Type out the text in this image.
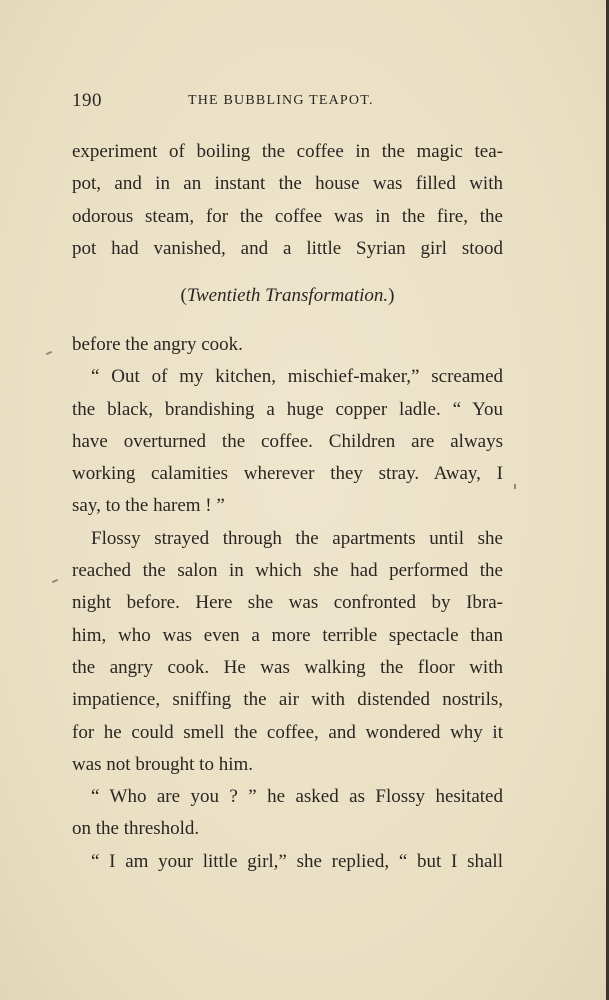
190	THE BUBBLING TEAPOT.
experiment of boiling the coffee in the magic tea-
pot, and in an instant the house was filled with
odorous steam, for the coffee was in the fire, the
pot had vanished, and a little Syrian girl stood
(Twentieth Transformation.)
before the angry cook.
“ Out of my kitchen, mischief-maker,” screamed
the black, brandishing a huge copper ladle. “ You
have overturned the coffee. Children are always
working calamities wherever they stray. Away, I
say, to the harem ! ”
Flossy strayed through the apartments until she
reached the salon in which she had performed the
night before. Here she was confronted by Ibra-
him, who was even a more terrible spectacle than
the angry cook. He was walking the floor with
impatience, sniffing the air with distended nostrils,
for he could smell the coffee, and wondered why it
was not brought to him.
“ Who are you ? ” he asked as Flossy hesitated
on the threshold.
“ I am your little girl,” she replied, “ but I shall
